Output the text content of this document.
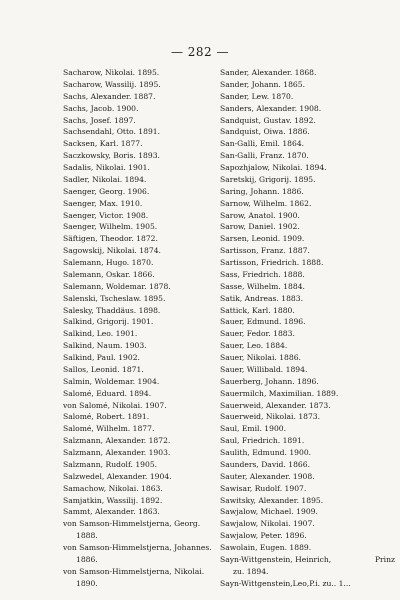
— 282 —
Sacharow, Nikolai. 1895.
Sacharow, Wassilij. 1895.
Sachs, Alexander. 1887.
Sachs, Jacob. 1900.
Sachs, Josef. 1897.
Sachsendahl, Otto. 1891.
Sacksen, Karl. 1877.
Saczkowsky, Boris. 1893.
Sadalis, Nikolai. 1901.
Sadler, Nikolai. 1894.
Saenger, Georg. 1906.
Saenger, Max. 1910.
Saenger, Victor. 1908.
Saenger, Wilhelm. 1905.
Säftigen, Theodor. 1872.
Sagowskij, Nikolai. 1874.
Salemann, Hugo. 1870.
Salemann, Oskar. 1866.
Salemann, Woldemar. 1878.
Salenski, Tscheslaw. 1895.
Salesky, Thaddäus. 1898.
Salkind, Grigorij. 1901.
Salkind, Leo. 1901.
Salkind, Naum. 1903.
Salkind, Paul. 1902.
Sallos, Leonid. 1871.
Salmin, Woldemar. 1904.
Salomé, Eduard. 1894.
von Salomé, Nikolai. 1907.
Salomé, Robert. 1891.
Salomé, Wilhelm. 1877.
Salzmann, Alexander. 1872.
Salzmann, Alexander. 1903.
Salzmann, Rudolf. 1905.
Salzwedel, Alexander. 1904.
Samachow, Nikolai. 1863.
Samjatkin, Wassilij. 1892.
Sammt, Alexander. 1863.
von Samson-Himmelstjerna, Georg.
1888.
von Samson-Himmelstjerna, Johannes.
1886.
von Samson-Himmelstjerna, Nikolai.
1890.
Sander, Alexander. 1868.
Sander, Johann. 1865.
Sander, Lew. 1870.
Sanders, Alexander. 1908.
Sandquist, Gustav. 1892.
Sandquist, Oiwa. 1886.
San-Galli, Emil. 1864.
San-Galli, Franz. 1870.
Sapozhjalow, Nikolai. 1894.
Saretskij, Grigorij. 1895.
Saring, Johann. 1886.
Sarnow, Wilhelm. 1862.
Sarow, Anatol. 1900.
Sarow, Daniel. 1902.
Sarsen, Leonid. 1909.
Sartisson, Franz. 1887.
Sartisson, Friedrich. 1888.
Sass, Friedrich. 1888.
Sasse, Wilhelm. 1884.
Satik, Andreas. 1883.
Sattick, Karl. 1880.
Sauer, Edmund. 1896.
Sauer, Fedor. 1883.
Sauer, Leo. 1884.
Sauer, Nikolai. 1886.
Sauer, Willibald. 1894.
Sauerberg, Johann. 1896.
Sauermilch, Maximilian. 1889.
Sauerweid, Alexander. 1873.
Sauerweid, Nikolai. 1873.
Saul, Emil. 1900.
Saul, Friedrich. 1891.
Saulith, Edmund. 1900.
Saunders, David. 1866.
Sauter, Alexander. 1908.
Sawisar, Rudolf. 1907.
Sawitsky, Alexander. 1895.
Sawjalow, Michael. 1909.
Sawjalow, Nikolai. 1907.
Sawjalow, Peter. 1896.
Sawolain, Eugen. 1889.
Sayn-Wittgenstein, Heinrich,	Prinz
zu. 1894.
Sayn-Wittgenstein,Leo,P.i. zu.. 1...
